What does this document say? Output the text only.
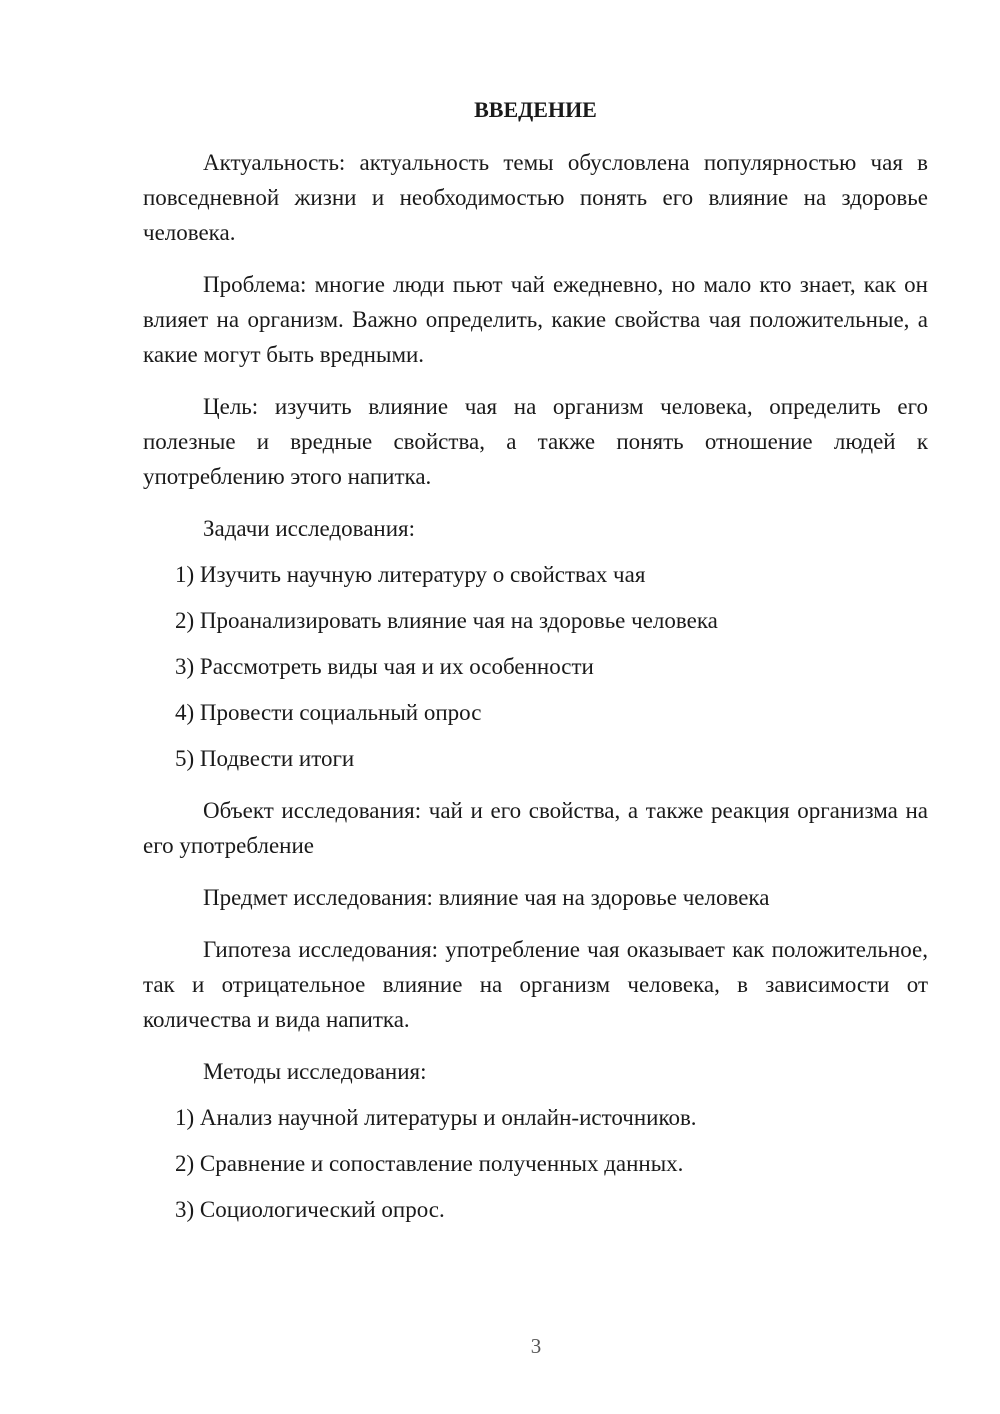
ВВЕДЕНИЕ

Актуальность: актуальность темы обусловлена популярностью чая в повседневной жизни и необходимостью понять его влияние на здоровье человека.

Проблема: многие люди пьют чай ежедневно, но мало кто знает, как он влияет на организм. Важно определить, какие свойства чая положительные, а какие могут быть вредными.

Цель: изучить влияние чая на организм человека, определить его полезные и вредные свойства, а также понять отношение людей к употреблению этого напитка.

Задачи исследования:

1) Изучить научную литературу о свойствах чая

2) Проанализировать влияние чая на здоровье человека

3) Рассмотреть виды чая и их особенности

4) Провести социальный опрос

5) Подвести итоги

Объект исследования: чай и его свойства, а также реакция организма на его употребление

Предмет исследования: влияние чая на здоровье человека

Гипотеза исследования: употребление чая оказывает как положительное, так и отрицательное влияние на организм человека, в зависимости от количества и вида напитка.

Методы исследования:

1) Анализ научной литературы и онлайн-источников.

2) Сравнение и сопоставление полученных данных.

3) Социологический опрос.

3
